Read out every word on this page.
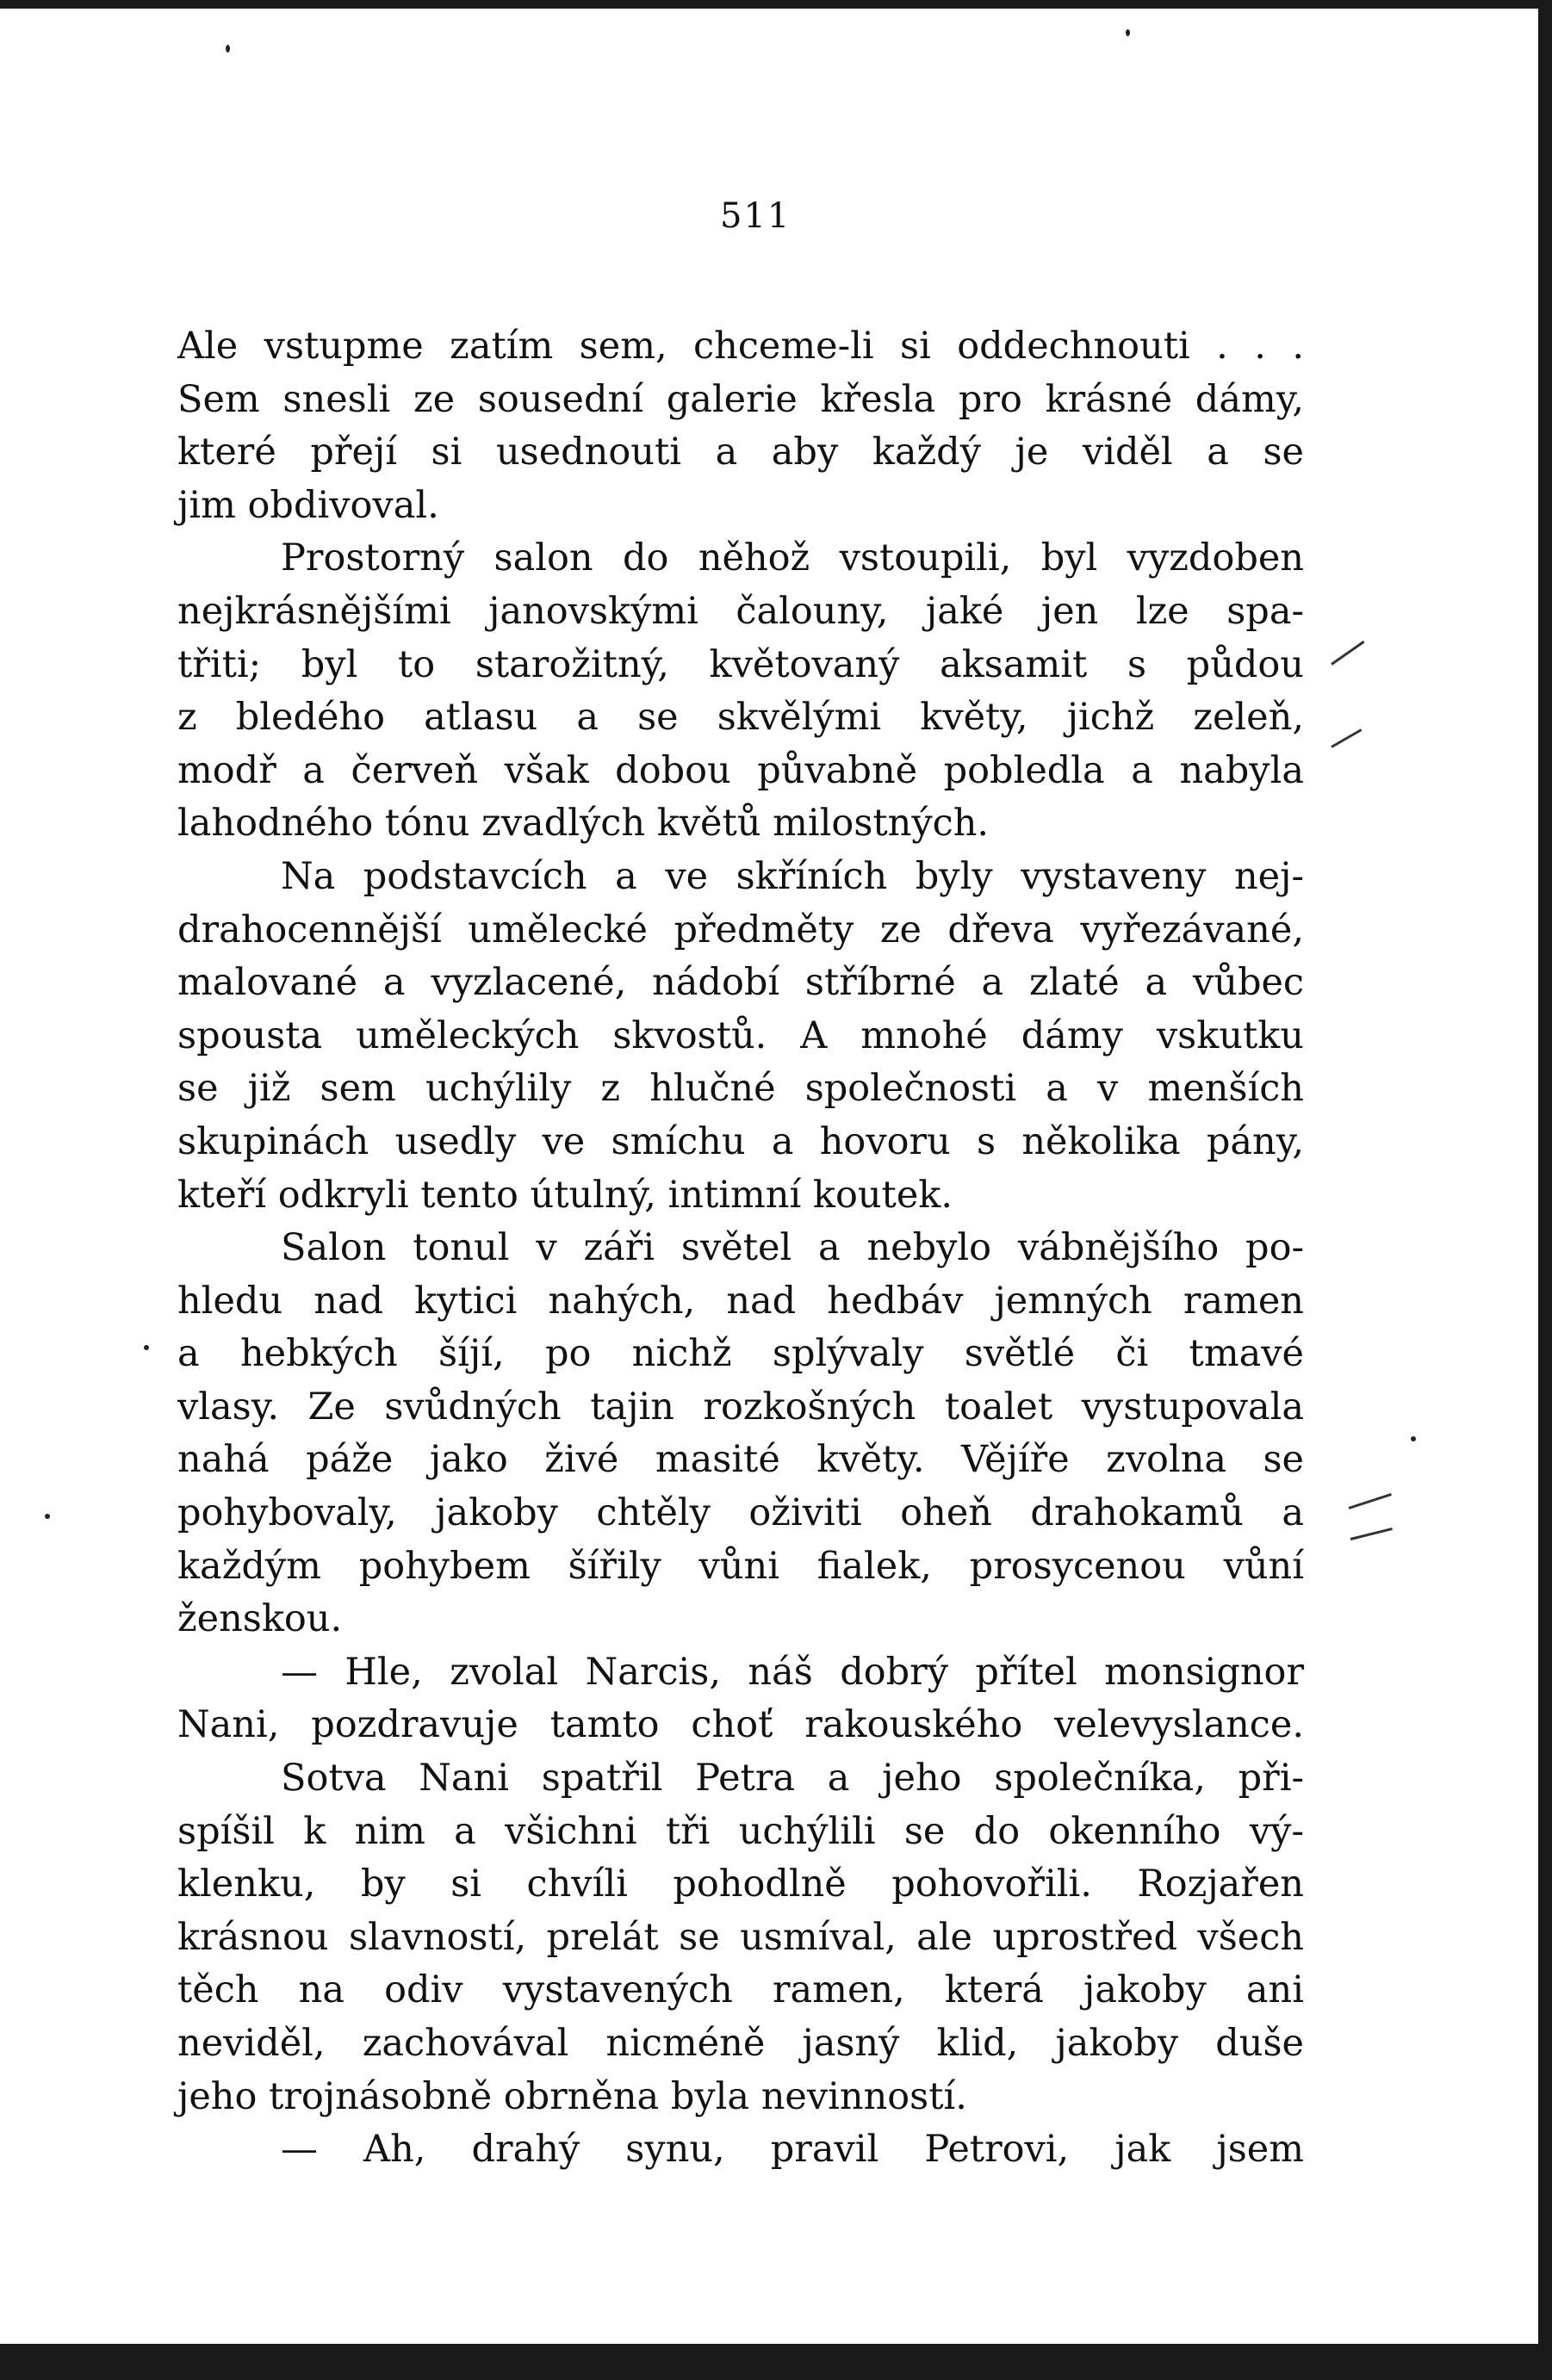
511
Ale vstupme zatím sem, chceme-li si oddechnouti . . .
Sem snesli ze sousední galerie křesla pro krásné dámy,
které přejí si usednouti a aby každý je viděl a se
jim obdivoval.
Prostorný salon do něhož vstoupili, byl vyzdoben
nejkrásnějšími janovskými čalouny, jaké jen lze spa-
třiti; byl to starožitný, květovaný aksamit s půdou
z bledého atlasu a se skvělými květy, jichž zeleň,
modř a červeň však dobou půvabně pobledla a nabyla
lahodného tónu zvadlých květů milostných.
Na podstavcích a ve skříních byly vystaveny nej-
drahocennější umělecké předměty ze dřeva vyřezávané,
malované a vyzlacené, nádobí stříbrné a zlaté a vůbec
spousta uměleckých skvostů. A mnohé dámy vskutku
se již sem uchýlily z hlučné společnosti a v menších
skupinách usedly ve smíchu a hovoru s několika pány,
kteří odkryli tento útulný, intimní koutek.
Salon tonul v záři světel a nebylo vábnějšího po-
hledu nad kytici nahých, nad hedbáv jemných ramen
a hebkých šíjí, po nichž splývaly světlé či tmavé
vlasy. Ze svůdných tajin rozkošných toalet vystupovala
nahá páže jako živé masité květy. Vějíře zvolna se
pohybovaly, jakoby chtěly oživiti oheň drahokamů a
každým pohybem šířily vůni fialek, prosycenou vůní
ženskou.
— Hle, zvolal Narcis, náš dobrý přítel monsignor
Nani, pozdravuje tamto choť rakouského velevyslance.
Sotva Nani spatřil Petra a jeho společníka, při-
spíšil k nim a všichni tři uchýlili se do okenního vý-
klenku, by si chvíli pohodlně pohovořili. Rozjařen
krásnou slavností, prelát se usmíval, ale uprostřed všech
těch na odiv vystavených ramen, která jakoby ani
neviděl, zachovával nicméně jasný klid, jakoby duše
jeho trojnásobně obrněna byla nevinností.
— Ah, drahý synu, pravil Petrovi, jak jsem
